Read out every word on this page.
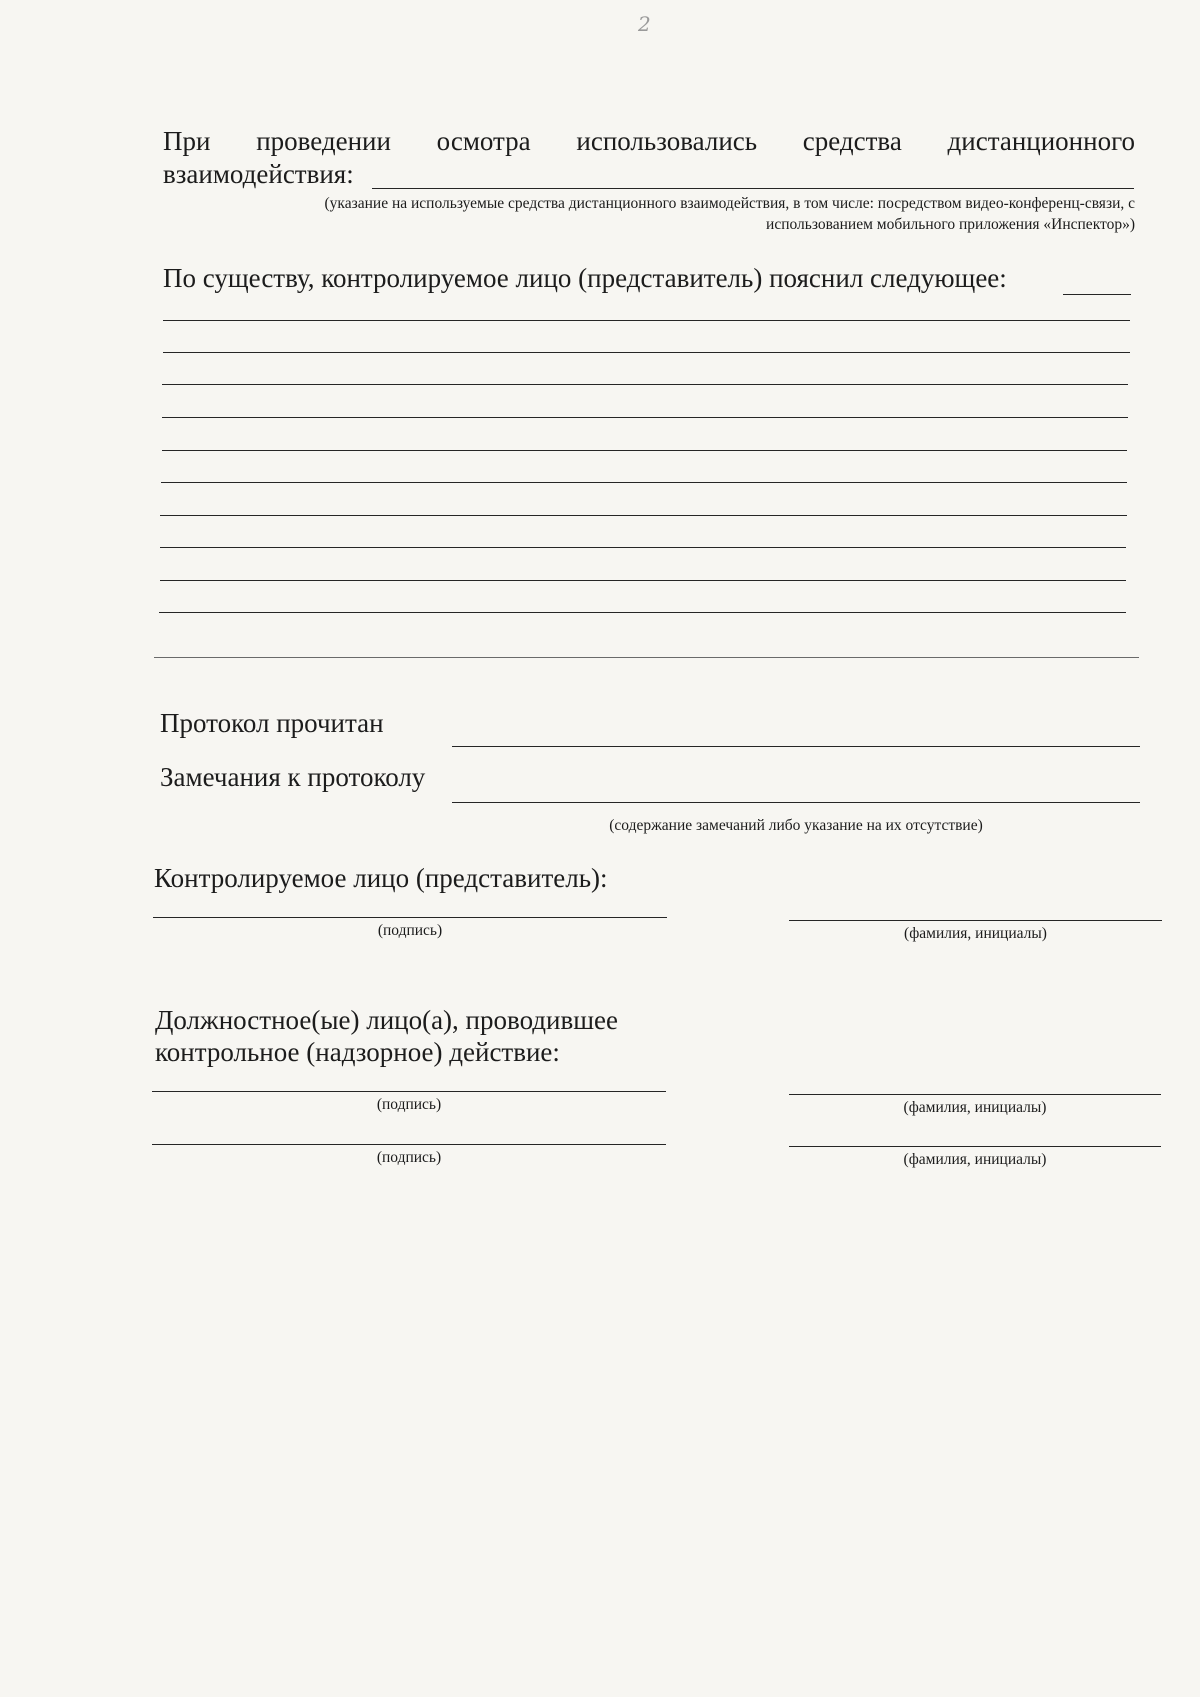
2
При проведении осмотра использовались средства дистанционного
взаимодействия:
(указание на используемые средства дистанционного взаимодействия, в том числе: посредством видео-конференц-связи, с
использованием мобильного приложения «Инспектор»)
По существу, контролируемое лицо (представитель) пояснил следующее:
Протокол прочитан
Замечания к протоколу
(содержание замечаний либо указание на их отсутствие)
Контролируемое лицо (представитель):
(подпись)	(фамилия, инициалы)
Должностное(ые) лицо(а), проводившее
контрольное (надзорное) действие:
(подпись)	(фамилия, инициалы)
(подпись)	(фамилия, инициалы)
